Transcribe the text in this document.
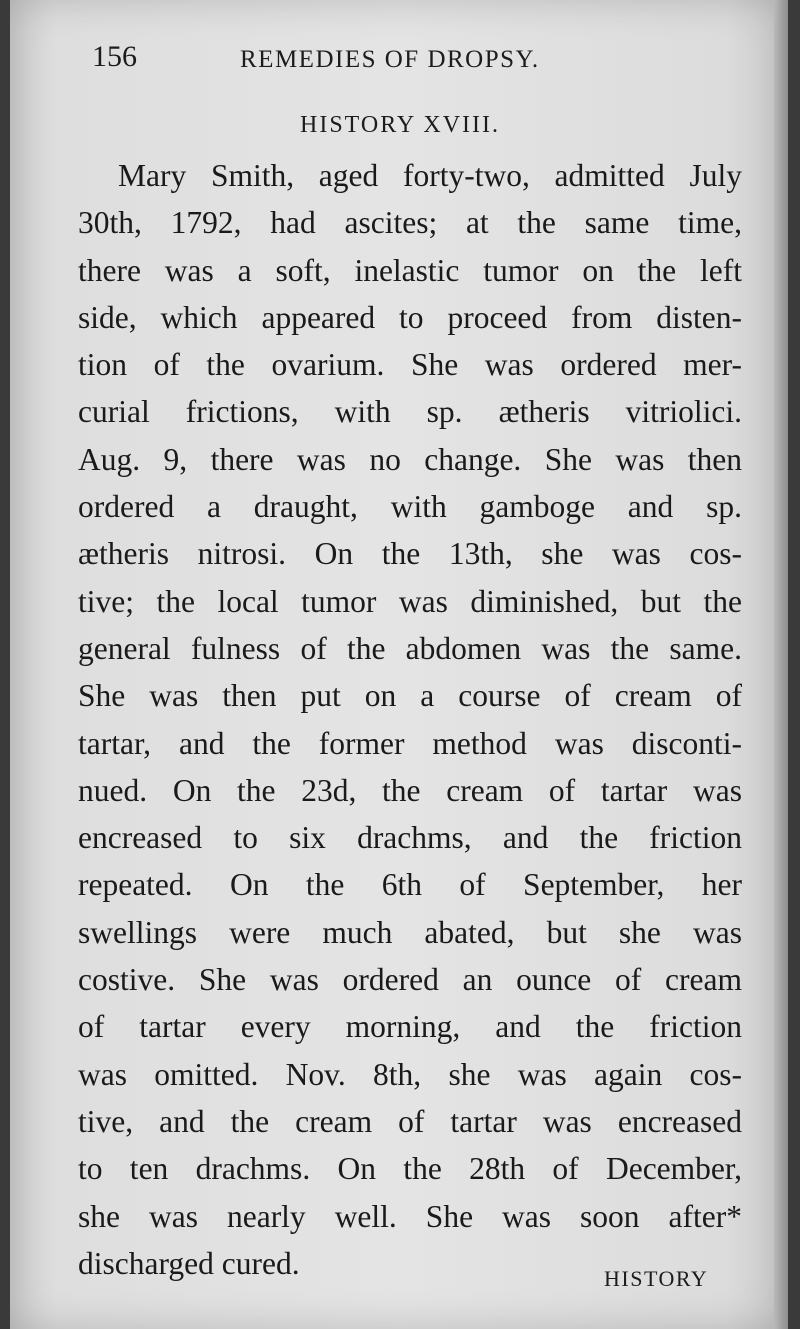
156	REMEDIES OF DROPSY.
HISTORY XVIII.
Mary Smith, aged forty-two, admitted July
30th, 1792, had ascites; at the same time,
there was a soft, inelastic tumor on the left
side, which appeared to proceed from disten-
tion of the ovarium. She was ordered mer-
curial frictions, with sp. ætheris vitriolici.
Aug. 9, there was no change. She was then
ordered a draught, with gamboge and sp.
ætheris nitrosi. On the 13th, she was cos-
tive; the local tumor was diminished, but the
general fulness of the abdomen was the same.
She was then put on a course of cream of
tartar, and the former method was disconti-
nued. On the 23d, the cream of tartar was
encreased to six drachms, and the friction
repeated. On the 6th of September, her
swellings were much abated, but she was
costive. She was ordered an ounce of cream
of tartar every morning, and the friction
was omitted. Nov. 8th, she was again cos-
tive, and the cream of tartar was encreased
to ten drachms. On the 28th of December,
she was nearly well. She was soon after*
discharged cured.	HISTORY
